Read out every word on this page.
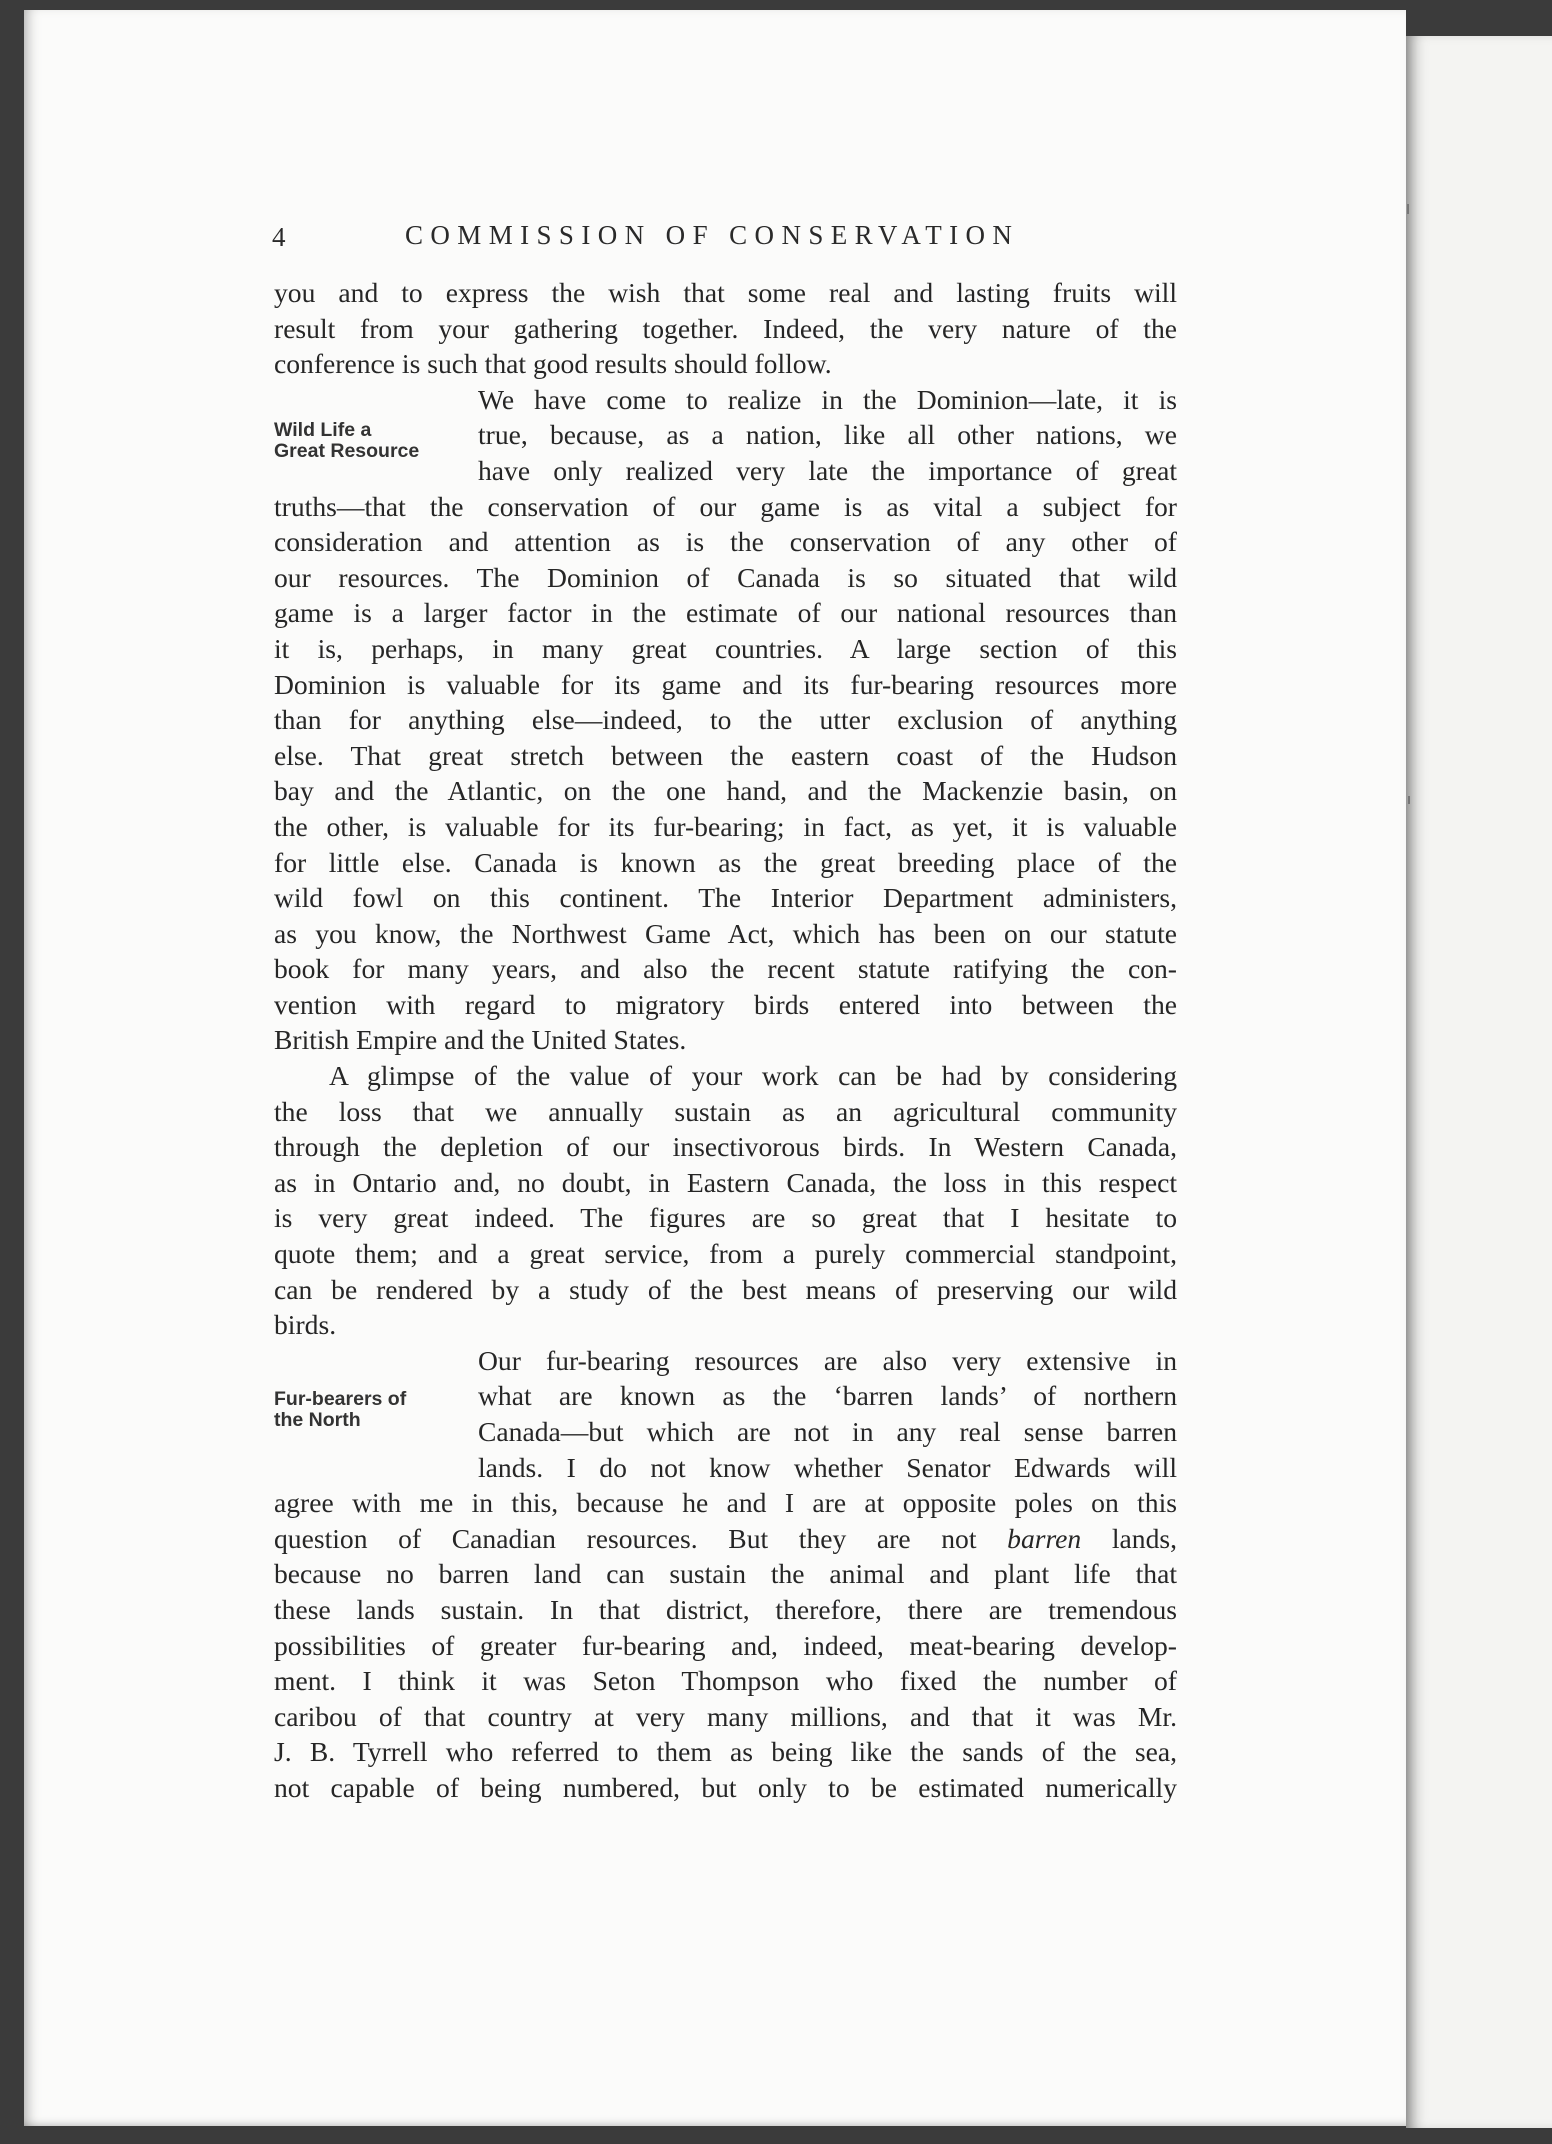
4	COMMISSION OF CONSERVATION
Wild Life a
Great Resource
Fur-bearers of
the North
you and to express the wish that some real and lasting fruits will
result from your gathering together. Indeed, the very nature of the
conference is such that good results should follow.
We have come to realize in the Dominion—late, it is
true, because, as a nation, like all other nations, we
have only realized very late the importance of great
truths—that the conservation of our game is as vital a subject for
consideration and attention as is the conservation of any other of
our resources. The Dominion of Canada is so situated that wild
game is a larger factor in the estimate of our national resources than
it is, perhaps, in many great countries. A large section of this
Dominion is valuable for its game and its fur-bearing resources more
than for anything else—indeed, to the utter exclusion of anything
else. That great stretch between the eastern coast of the Hudson
bay and the Atlantic, on the one hand, and the Mackenzie basin, on
the other, is valuable for its fur-bearing; in fact, as yet, it is valuable
for little else. Canada is known as the great breeding place of the
wild fowl on this continent. The Interior Department administers,
as you know, the Northwest Game Act, which has been on our statute
book for many years, and also the recent statute ratifying the con-
vention with regard to migratory birds entered into between the
British Empire and the United States.
A glimpse of the value of your work can be had by considering
the loss that we annually sustain as an agricultural community
through the depletion of our insectivorous birds. In Western Canada,
as in Ontario and, no doubt, in Eastern Canada, the loss in this respect
is very great indeed. The figures are so great that I hesitate to
quote them; and a great service, from a purely commercial standpoint,
can be rendered by a study of the best means of preserving our wild
birds.
Our fur-bearing resources are also very extensive in
what are known as the ‘barren lands’ of northern
Canada—but which are not in any real sense barren
lands. I do not know whether Senator Edwards will
agree with me in this, because he and I are at opposite poles on this
question of Canadian resources. But they are not barren lands,
because no barren land can sustain the animal and plant life that
these lands sustain. In that district, therefore, there are tremendous
possibilities of greater fur-bearing and, indeed, meat-bearing develop-
ment. I think it was Seton Thompson who fixed the number of
caribou of that country at very many millions, and that it was Mr.
J. B. Tyrrell who referred to them as being like the sands of the sea,
not capable of being numbered, but only to be estimated numerically
